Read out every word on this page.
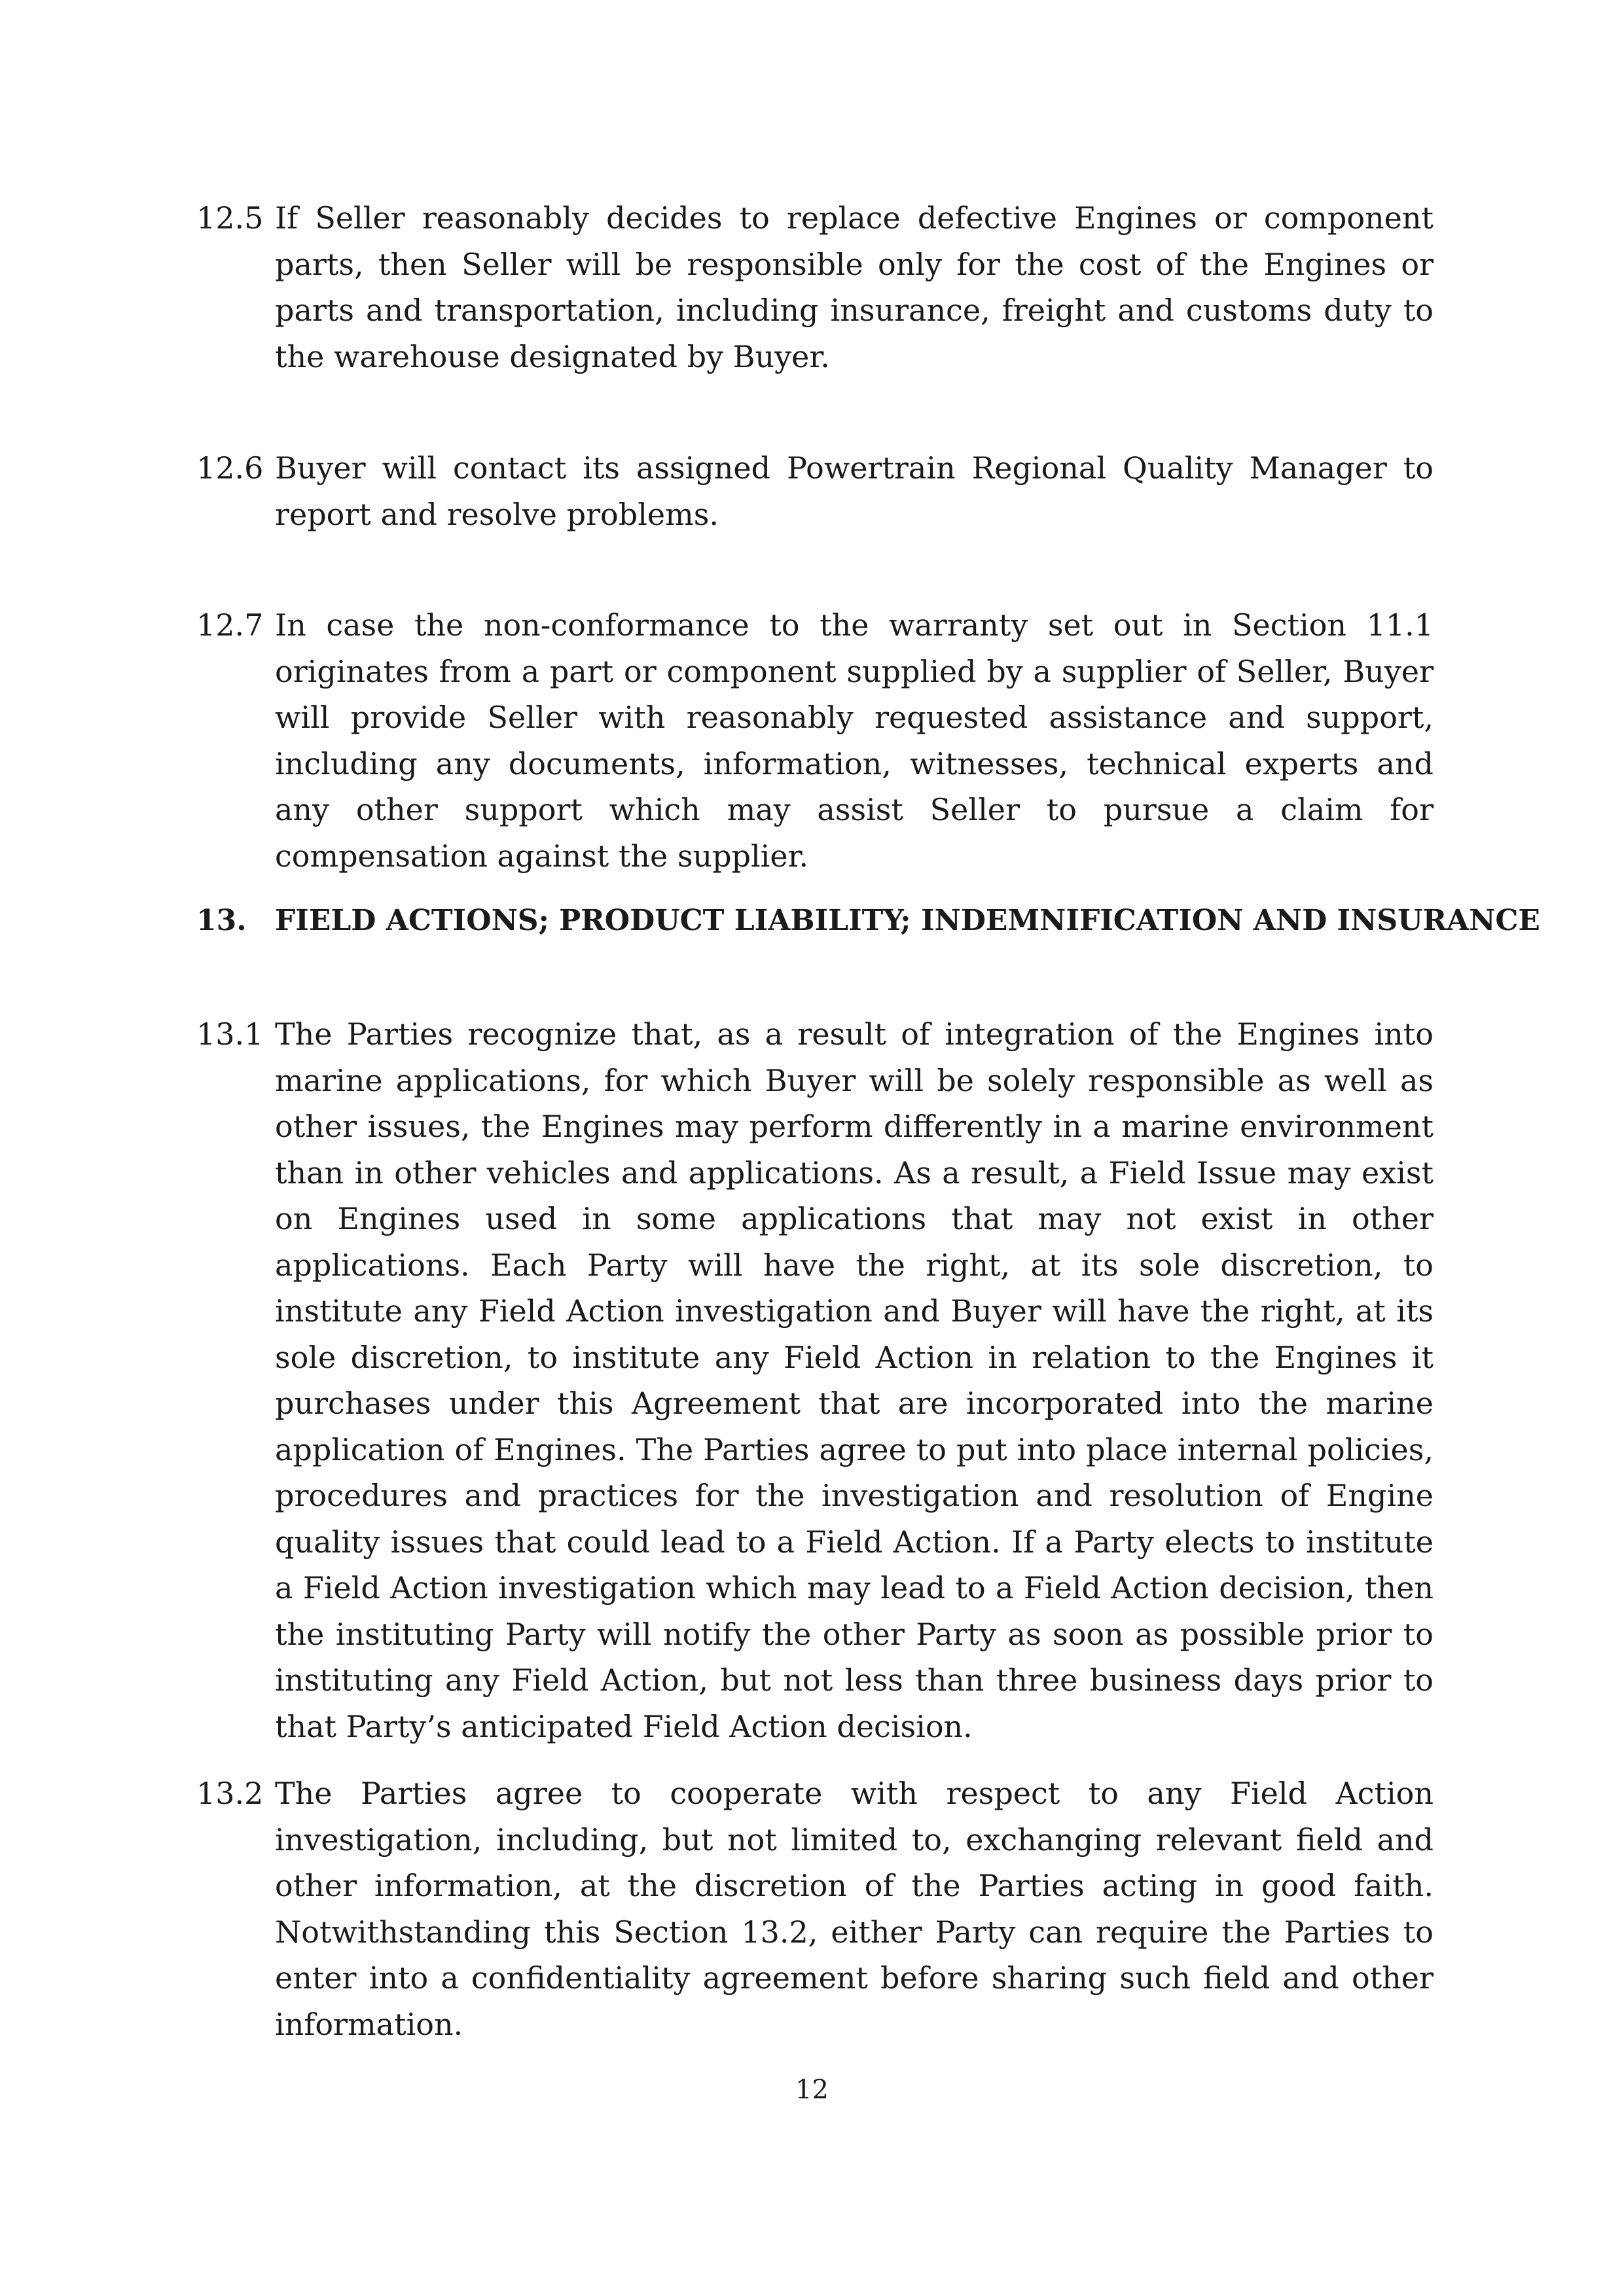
12.5 If Seller reasonably decides to replace defective Engines or component parts, then Seller will be responsible only for the cost of the Engines or parts and transportation, including insurance, freight and customs duty to the warehouse designated by Buyer.
12.6 Buyer will contact its assigned Powertrain Regional Quality Manager to report and resolve problems.
12.7 In case the non-conformance to the warranty set out in Section 11.1 originates from a part or component supplied by a supplier of Seller, Buyer will provide Seller with reasonably requested assistance and support, including any documents, information, witnesses, technical experts and any other support which may assist Seller to pursue a claim for compensation against the supplier.
13. FIELD ACTIONS; PRODUCT LIABILITY; INDEMNIFICATION AND INSURANCE
13.1 The Parties recognize that, as a result of integration of the Engines into marine applications, for which Buyer will be solely responsible as well as other issues, the Engines may perform differently in a marine environment than in other vehicles and applications. As a result, a Field Issue may exist on Engines used in some applications that may not exist in other applications. Each Party will have the right, at its sole discretion, to institute any Field Action investigation and Buyer will have the right, at its sole discretion, to institute any Field Action in relation to the Engines it purchases under this Agreement that are incorporated into the marine application of Engines. The Parties agree to put into place internal policies, procedures and practices for the investigation and resolution of Engine quality issues that could lead to a Field Action. If a Party elects to institute a Field Action investigation which may lead to a Field Action decision, then the instituting Party will notify the other Party as soon as possible prior to instituting any Field Action, but not less than three business days prior to that Party’s anticipated Field Action decision.
13.2 The Parties agree to cooperate with respect to any Field Action investigation, including, but not limited to, exchanging relevant field and other information, at the discretion of the Parties acting in good faith. Notwithstanding this Section 13.2, either Party can require the Parties to enter into a confidentiality agreement before sharing such field and other information.
12
